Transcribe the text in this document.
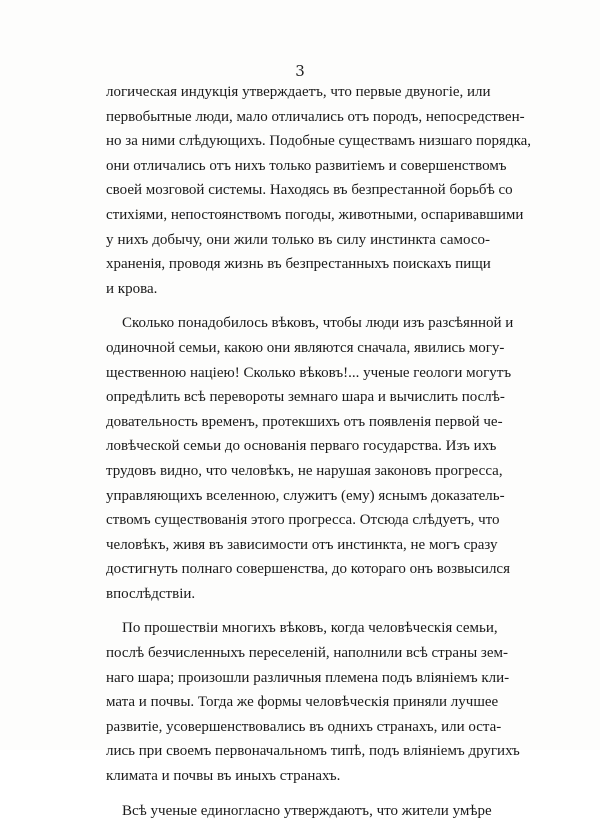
3
логическая индукція утверждаетъ, что первые двуногіе, или
первобытные люди, мало отличались отъ породъ, непосредствен-
но за ними слѣдующихъ. Подобные существамъ низшаго порядка,
они отличались отъ нихъ только развитіемъ и совершенствомъ
своей мозговой системы. Находясь въ безпрестанной борьбѣ со
стихіями, непостоянствомъ погоды, животными, оспаривавшими
у нихъ добычу, они жили только въ силу инстинкта самосо-
храненія, проводя жизнь въ безпрестанныхъ поискахъ пищи
и крова.
Сколько понадобилось вѣковъ, чтобы люди изъ разсѣянной и
одиночной семьи, какою они являются сначала, явились могу-
щественною націею! Сколько вѣковъ!... ученые геологи могутъ
опредѣлить всѣ перевороты земнаго шара и вычислить послѣ-
довательность временъ, протекшихъ отъ появленія первой че-
ловѣческой семьи до основанія перваго государства. Изъ ихъ
трудовъ видно, что человѣкъ, не нарушая законовъ прогресса,
управляющихъ вселенною, служитъ (ему) яснымъ доказатель-
ствомъ существованія этого прогресса. Отсюда слѣдуетъ, что
человѣкъ, живя въ зависимости отъ инстинкта, не могъ сразу
достигнуть полнаго совершенства, до котораго онъ возвысился
впослѣдствіи.
По прошествіи многихъ вѣковъ, когда человѣческія семьи,
послѣ безчисленныхъ переселеній, наполнили всѣ страны зем-
наго шара; произошли различныя племена подъ вліяніемъ кли-
мата и почвы. Тогда же формы человѣческія приняли лучшее
развитіе, усовершенствовались въ однихъ странахъ, или оста-
лись при своемъ первоначальномъ типѣ, подъ вліяніемъ другихъ
климата и почвы въ иныхъ странахъ.
Всѣ ученые единогласно утверждаютъ, что жители умѣре
